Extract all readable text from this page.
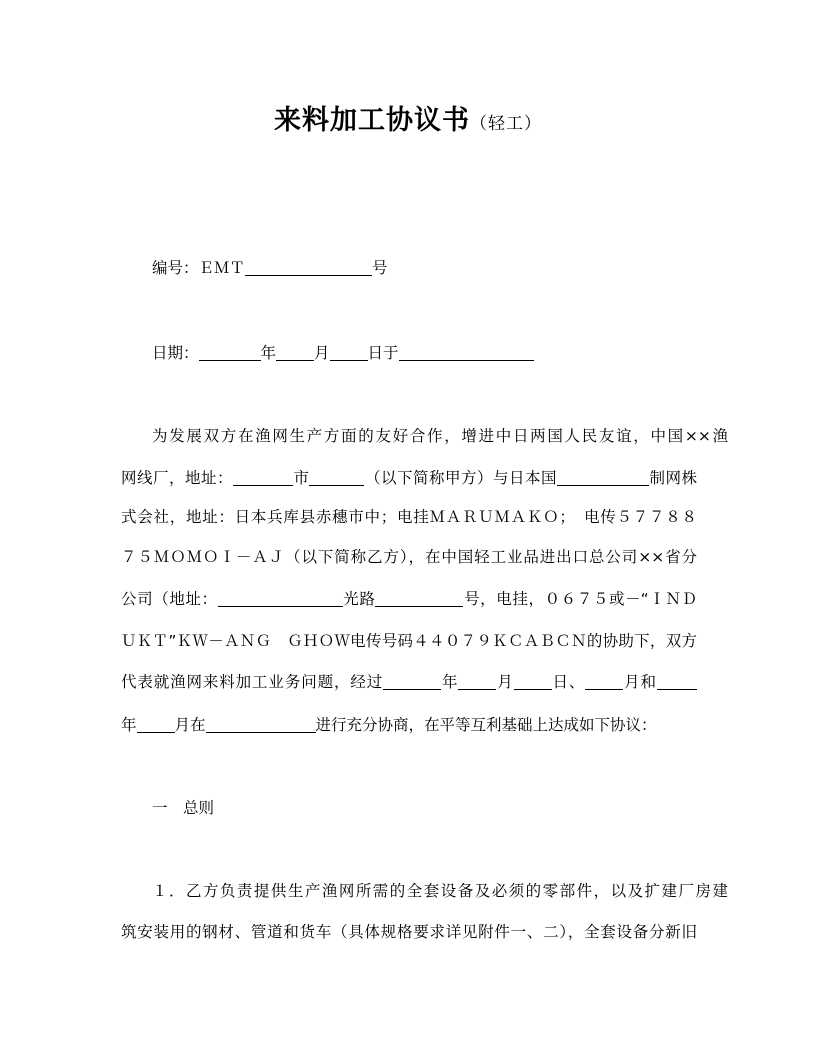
来料加工协议书（轻工）
编号：ＥＭＴ	号
日期：	年 月 日于
为发展双方在渔网生产方面的友好合作，增进中日两国人民友谊，中国××渔
网线厂，地址：	市	（以下简称甲方）与日本国	制网株
式会社，地址：日本兵库县赤穗市中；电挂ＭＡＲＵＭＡＫＯ；　电传５７７８８
７５ＭＯＭＯＩ－ＡＪ（以下简称乙方），在中国轻工业品进出口总公司××省分
公司（地址：	光路	号，电挂，０６７５或－“ＩＮＤ
ＵＫＴ”ＫＷ－ＡＮＧ　ＧＨＯＷ电传号码４４０７９ＫＣＡＢＣＮ的协助下，双方
代表就渔网来料加工业务问题，经过	年 月 日、 月和
年 月在	进行充分协商，在平等互利基础上达成如下协议：
一　总则
１．乙方负责提供生产渔网所需的全套设备及必须的零部件，以及扩建厂房建
筑安装用的钢材、管道和货车（具体规格要求详见附件一、二），全套设备分新旧
